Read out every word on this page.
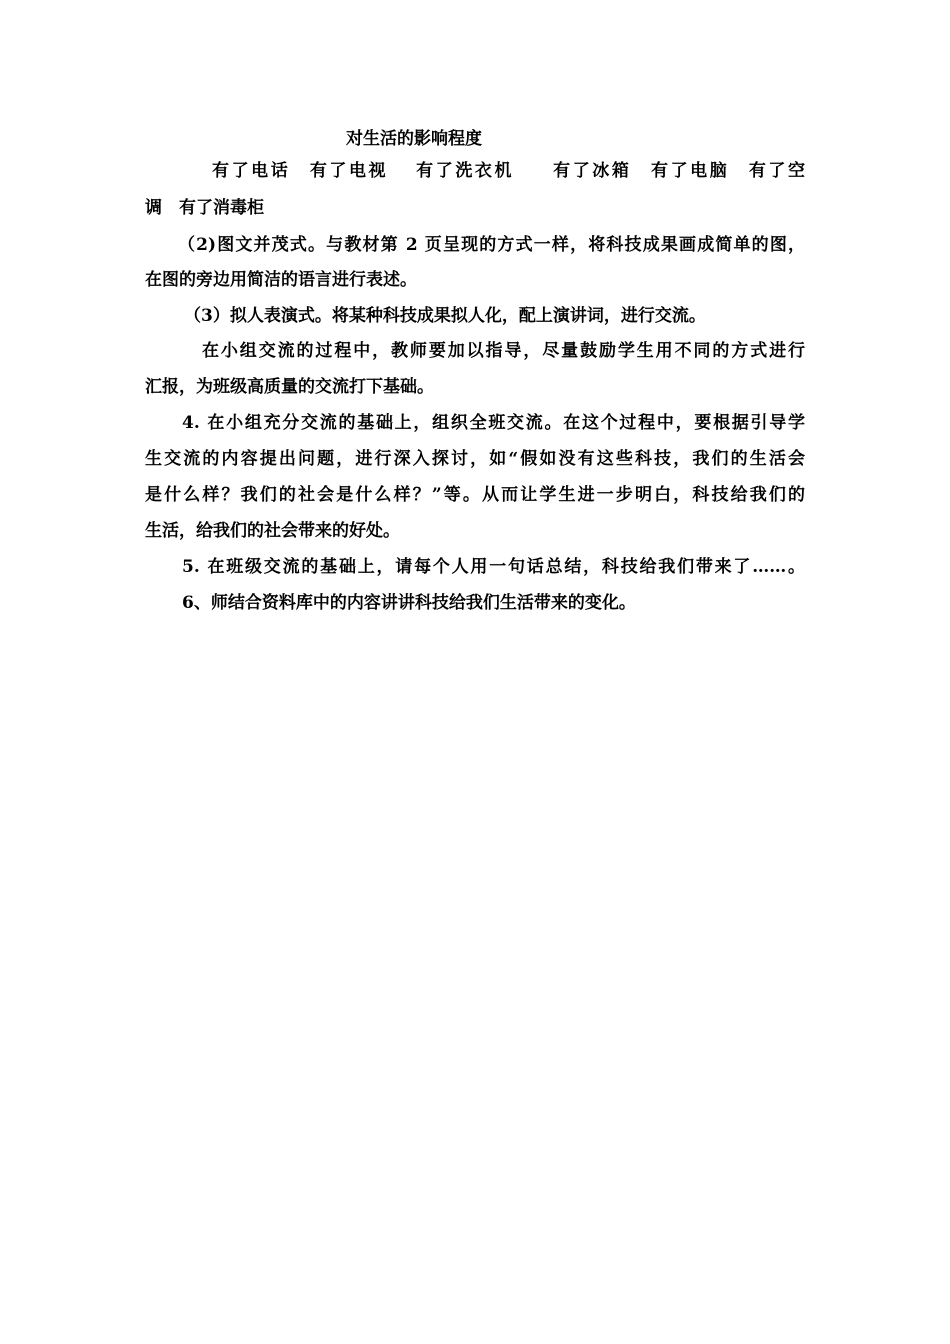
对生活的影响程度
有了电话　有了电视　 有了洗衣机　　有了冰箱　有了电脑　有了空
调　有了消毒柜
（2)图文并茂式。与教材第 2 页呈现的方式一样，将科技成果画成简单的图，
在图的旁边用简洁的语言进行表述。
（3）拟人表演式。将某种科技成果拟人化，配上演讲词，进行交流。
在小组交流的过程中，教师要加以指导，尽量鼓励学生用不同的方式进行
汇报，为班级高质量的交流打下基础。
4. 在小组充分交流的基础上，组织全班交流。在这个过程中，要根据引导学
生交流的内容提出问题，进行深入探讨，如“假如没有这些科技，我们的生活会
是什么样？我们的社会是什么样？”等。从而让学生进一步明白，科技给我们的
生活，给我们的社会带来的好处。
5. 在班级交流的基础上，请每个人用一句话总结，科技给我们带来了……。
6、师结合资料库中的内容讲讲科技给我们生活带来的变化。
